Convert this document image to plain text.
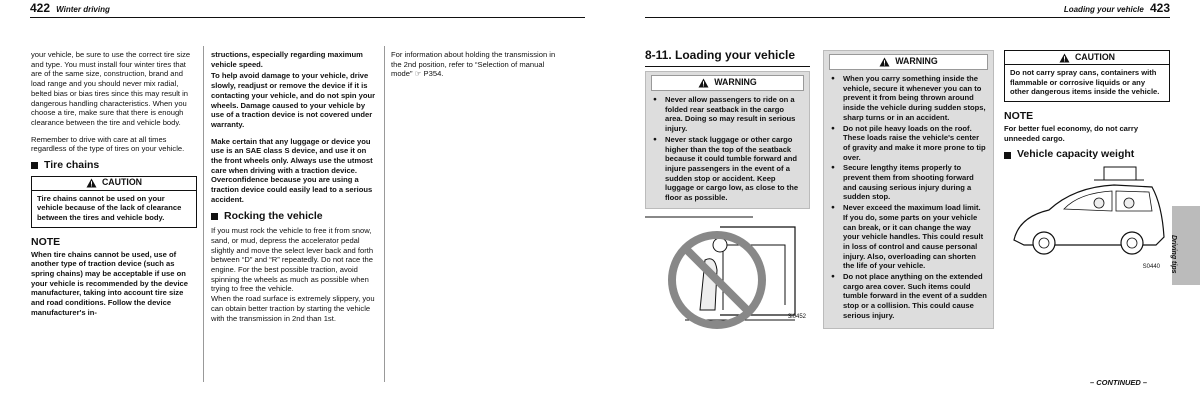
422 Winter driving

your vehicle, be sure to use the correct tire size and type. You must install four winter tires that are of the same size, construction, brand and load range and you should never mix radial, belted bias or bias tires since this may result in dangerous handling characteristics. When you choose a tire, make sure that there is enough clearance between the tire and vehicle body.

Remember to drive with care at all times regardless of the type of tires on your vehicle.

Tire chains
CAUTION
Tire chains cannot be used on your vehicle because of the lack of clearance between the tires and vehicle body.
NOTE

When tire chains cannot be used, use of another type of traction device (such as spring chains) may be acceptable if use on your vehicle is recommended by the device manufacturer, taking into account tire size and road conditions. Follow the device manufacturer's in-

structions, especially regarding maximum vehicle speed.

To help avoid damage to your vehicle, drive slowly, readjust or remove the device if it is contacting your vehicle, and do not spin your wheels. Damage caused to your vehicle by use of a traction device is not covered under warranty.

Make certain that any luggage or device you use is an SAE class S device, and use it on the front wheels only. Always use the utmost care when driving with a traction device. Overconfidence because you are using a traction device could easily lead to a serious accident.

Rocking the vehicle

If you must rock the vehicle to free it from snow, sand, or mud, depress the accelerator pedal slightly and move the select lever back and forth between “D” and “R” repeatedly. Do not race the engine. For the best possible traction, avoid spinning the wheels as much as possible when trying to free the vehicle.

When the road surface is extremely slippery, you can obtain better traction by starting the vehicle with the transmission in 2nd than 1st.

For information about holding the transmission in the 2nd position, refer to “Selection of manual mode” ☞ P354.

Loading your vehicle 423
8-11. Loading your vehicle
WARNING
● Never allow passengers to ride on a folded rear seatback in the cargo area. Doing so may result in serious injury.
● Never stack luggage or other cargo higher than the top of the seatback because it could tumble forward and injure passengers in the event of a sudden stop or accident. Keep luggage or cargo low, as close to the floor as possible.
3i0452
WARNING
● When you carry something inside the vehicle, secure it whenever you can to prevent it from being thrown around inside the vehicle during sudden stops, sharp turns or in an accident.
● Do not pile heavy loads on the roof. These loads raise the vehicle's center of gravity and make it more prone to tip over.
● Secure lengthy items properly to prevent them from shooting forward and causing serious injury during a sudden stop.
● Never exceed the maximum load limit. If you do, some parts on your vehicle can break, or it can change the way your vehicle handles. This could result in loss of control and cause personal injury. Also, overloading can shorten the life of your vehicle.
● Do not place anything on the extended cargo area cover. Such items could tumble forward in the event of a sudden stop or a collision. This could cause serious injury.
CAUTION
Do not carry spray cans, containers with flammable or corrosive liquids or any other dangerous items inside the vehicle.
NOTE

For better fuel economy, do not carry unneeded cargo.

Vehicle capacity weight
S0440 Driving tips
– CONTINUED –
